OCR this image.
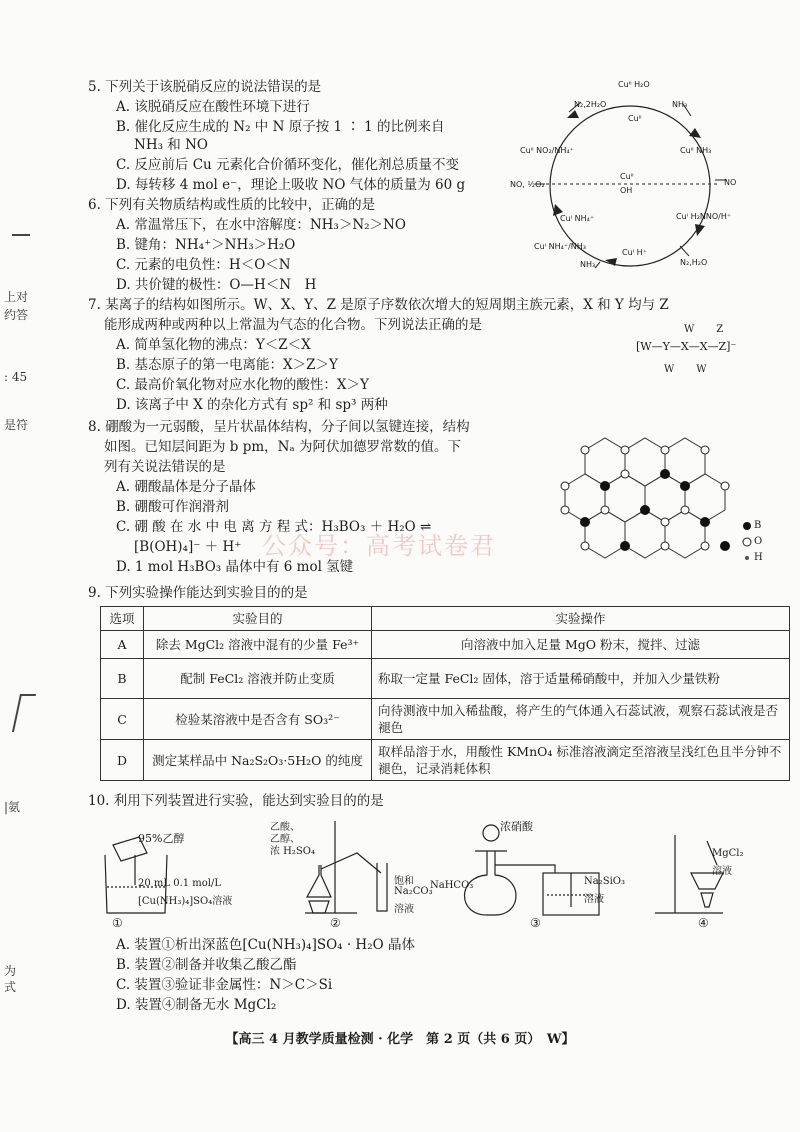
上对
约答
: 45
是符
|氨
为
式
5. 下列关于该脱硝反应的说法错误的是
A. 该脱硝反应在酸性环境下进行
B. 催化反应生成的 N₂ 中 N 原子按 1 ∶ 1 的比例来自
NH₃ 和 NO
C. 反应前后 Cu 元素化合价循环变化，催化剂总质量不变
D. 每转移 4 mol e⁻，理论上吸收 NO 气体的质量为 60 g
Cuᴵᴵ H₂O
N₂,2H₂O	NH₃
Cuᴵᴵ
Cuᴵᴵ NO₂/NH₄⁺	Cuᴵᴵ NH₃
NO, ½O₂
Cuᴵᴵ
OH
NO
Cuᴵ NH₄⁺	Cuᴵ H₂NNO/H⁺
Cuᴵ NH₄⁺/NH₃
Cuᴵ H⁺
NH₃	N₂,H₂O
6. 下列有关物质结构或性质的比较中，正确的是
A. 常温常压下，在水中溶解度：NH₃＞N₂＞NO
B. 键角：NH₄⁺＞NH₃＞H₂O
C. 元素的电负性：H＜O＜N
D. 共价键的极性：O—H＜N　H
7. 某离子的结构如图所示。W、X、Y、Z 是原子序数依次增大的短周期主族元素，X 和 Y 均与 Z
能形成两种或两种以上常温为气态的化合物。下列说法正确的是
A. 简单氢化物的沸点：Y＜Z＜X
B. 基态原子的第一电离能：X＞Z＞Y
C. 最高价氧化物对应水化物的酸性：X＞Y
D. 该离子中 X 的杂化方式有 sp² 和 sp³ 两种
W　Z
[W—Y—X—X—Z]⁻
W　W
8. 硼酸为一元弱酸，呈片状晶体结构，分子间以氢键连接，结构
如图。已知层间距为 b pm，Nₐ 为阿伏加德罗常数的值。下
列有关说法错误的是
A. 硼酸晶体是分子晶体
B. 硼酸可作润滑剂
C. 硼 酸 在 水 中 电 离 方 程 式：H₃BO₃ ＋ H₂O ⇌
[B(OH)₄]⁻ ＋ H⁺
D. 1 mol H₃BO₃ 晶体中有 6 mol 氢键
B
O
H
公众号：高考试卷君
9. 下列实验操作能达到实验目的的是
选项	实验目的	实验操作
A	除去 MgCl₂ 溶液中混有的少量 Fe³⁺	向溶液中加入足量 MgO 粉末，搅拌、过滤
B	配制 FeCl₂ 溶液并防止变质	称取一定量 FeCl₂ 固体，溶于适量稀硝酸中，并加入少量铁粉
C	检验某溶液中是否含有 SO₃²⁻	向待测液中加入稀盐酸，将产生的气体通入石蕊试液，观察石蕊试液是否褪色
D	测定某样品中 Na₂S₂O₃·5H₂O 的纯度	取样品溶于水，用酸性 KMnO₄ 标准溶液滴定至溶液呈浅红色且半分钟不褪色，记录消耗体积
10. 利用下列装置进行实验，能达到实验目的的是
95%乙醇
20 mL 0.1 mol/L
[Cu(NH₃)₄]SO₄溶液
乙酸、
乙醇、
浓 H₂SO₄
饱和
Na₂CO₃
溶液
浓硝酸
NaHCO₃	Na₂SiO₃
溶液
MgCl₂
溶液
①	②	③	④
A. 装置①析出深蓝色[Cu(NH₃)₄]SO₄ · H₂O 晶体
B. 装置②制备并收集乙酸乙酯
C. 装置③验证非金属性：N＞C＞Si
D. 装置④制备无水 MgCl₂
【高三 4 月教学质量检测 · 化学　第 2 页（共 6 页）　W】
